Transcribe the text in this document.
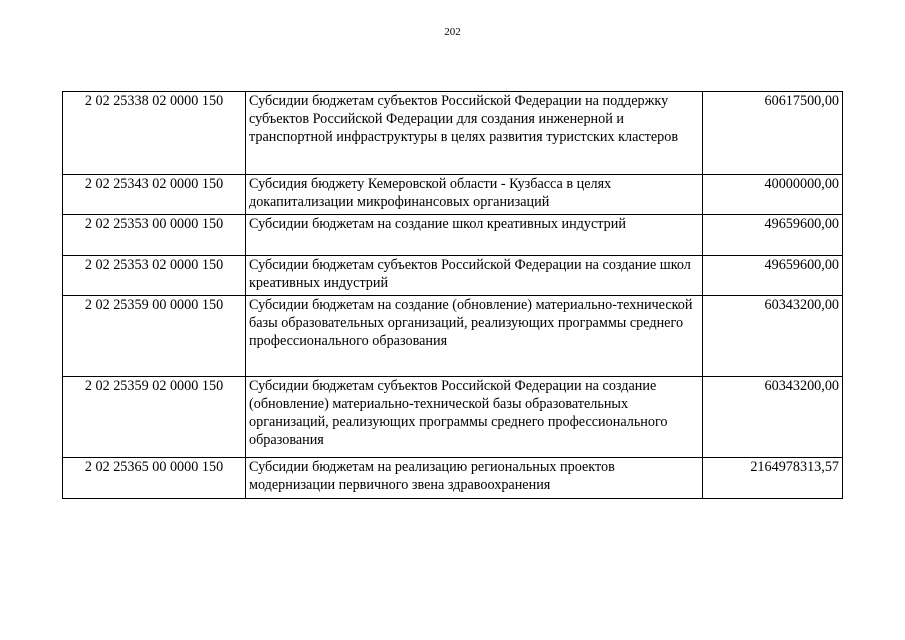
202
2 02 25338 02 0000 150	Субсидии бюджетам субъектов Российской Федерации на поддержку субъектов Российской Федерации для создания инженерной и транспортной инфраструктуры в целях развития туристских кластеров	60617500,00
2 02 25343 02 0000 150	Субсидия бюджету Кемеровской области - Кузбасса в целях докапитализации микрофинансовых организаций	40000000,00
2 02 25353 00 0000 150	Субсидии бюджетам на создание школ креативных индустрий	49659600,00
2 02 25353 02 0000 150	Субсидии бюджетам субъектов Российской Федерации на создание школ креативных индустрий	49659600,00
2 02 25359 00 0000 150	Субсидии бюджетам на создание (обновление) материально-технической базы образовательных организаций, реализующих программы среднего профессионального образования	60343200,00
2 02 25359 02 0000 150	Субсидии бюджетам субъектов Российской Федерации на создание (обновление) материально-технической базы образовательных организаций, реализующих программы среднего профессионального образования	60343200,00
2 02 25365 00 0000 150	Субсидии бюджетам на реализацию региональных проектов модернизации первичного звена здравоохранения	2164978313,57
